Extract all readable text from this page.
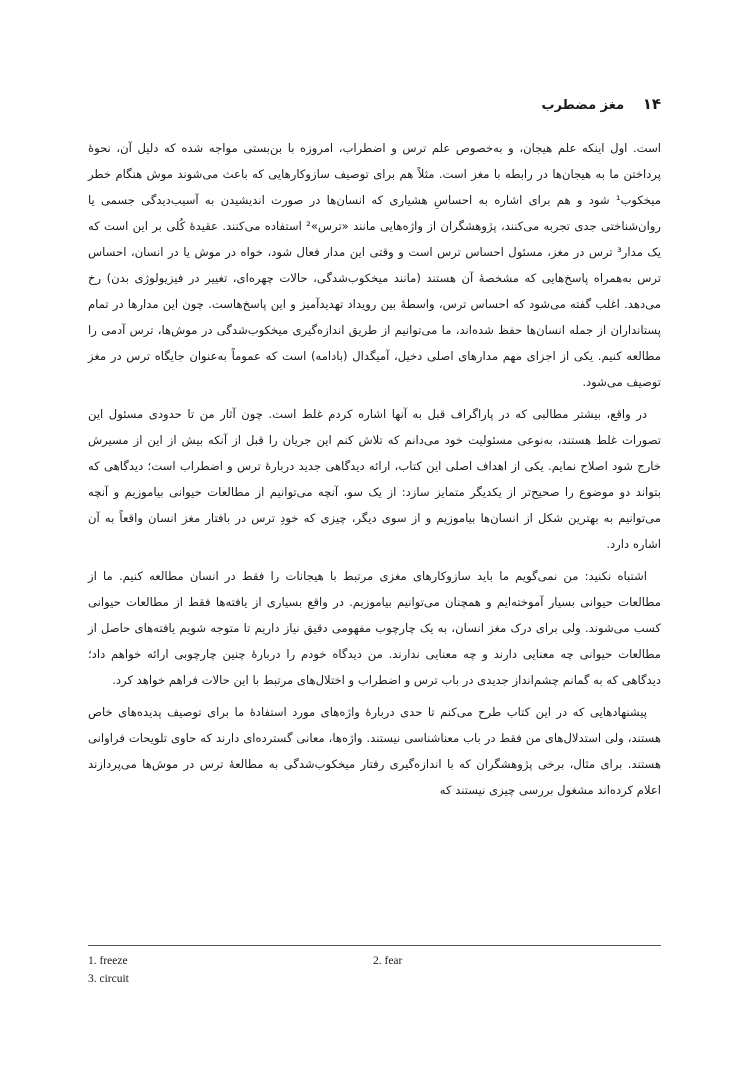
۱۴ مغز مضطرب

است. اول اینکه علم هیجان، و به‌خصوص علم ترس و اضطراب، امروزه با بن‌بستی مواجه شده که دلیل آن، نحوهٔ پرداختن ما به هیجان‌ها در رابطه با مغز است. مثلاً هم برای توصیف سازوکارهایی که باعث می‌شوند موش هنگام خطر میخکوب¹ شود و هم برای اشاره به احساسِ هشیاری که انسان‌ها در صورت اندیشیدن به آسیب‌دیدگی جسمی یا روان‌شناختی جدی تجربه می‌کنند، پژوهشگران از واژه‌هایی مانند «ترس»² استفاده می‌کنند. عقیدهٔ کُلی بر این است که یک مدار³ ترس در مغز، مسئول احساس ترس است و وقتی این مدار فعال شود، خواه در موش یا در انسان، احساس ترس به‌همراه پاسخ‌هایی که مشخصهٔ آن هستند (مانند میخکوب‌شدگی، حالات چهره‌ای، تغییر در فیزیولوژی بدن) رخ می‌دهد. اغلب گفته می‌شود که احساس ترس، واسطهٔ بین رویداد تهدیدآمیز و این پاسخ‌هاست. چون این مدارها در تمام پستانداران از جمله انسان‌ها حفظ شده‌اند، ما می‌توانیم از طریق اندازه‌گیری میخکوب‌شدگی در موش‌ها، ترس آدمی را مطالعه کنیم. یکی از اجزای مهم مدارهای اصلی دخیل، آمیگدال (بادامه) است که عموماً به‌عنوان جایگاه ترس در مغز توصیف می‌شود.

در واقع، بیشتر مطالبی که در پاراگراف قبل به آنها اشاره کردم غلط است. چون آثار من تا حدودی مسئول این تصورات غلط هستند، به‌نوعی مسئولیت خود می‌دانم که تلاش کنم این جریان را قبل از آنکه بیش از این از مسیرش خارج شود اصلاح نمایم. یکی از اهداف اصلی این کتاب، ارائه دیدگاهی جدید دربارهٔ ترس و اضطراب است؛ دیدگاهی که بتواند دو موضوع را صحیح‌تر از یکدیگر متمایز سازد: از یک سو، آنچه می‌توانیم از مطالعات حیوانی بیاموزیم و آنچه می‌توانیم به بهترین شکل از انسان‌ها بیاموزیم و از سوی دیگر، چیزی که خودِ ترس در بافتار مغز انسان واقعاً به آن اشاره دارد.

اشتباه نکنید: من نمی‌گویم ما باید سازوکارهای مغزی مرتبط با هیجانات را فقط در انسان مطالعه کنیم. ما از مطالعات حیوانی بسیار آموخته‌ایم و همچنان می‌توانیم بیاموزیم. در واقع بسیاری از یافته‌ها فقط از مطالعات حیوانی کسب می‌شوند. ولی برای درک مغز انسان، به یک چارچوب مفهومی دقیق نیاز داریم تا متوجه شویم یافته‌های حاصل از مطالعات حیوانی چه معنایی دارند و چه معنایی ندارند. من دیدگاه خودم را دربارهٔ چنین چارچوبی ارائه خواهم داد؛ دیدگاهی که به گمانم چشم‌انداز جدیدی در باب ترس و اضطراب و اختلال‌های مرتبط با این حالات فراهم خواهد کرد.

پیشنهادهایی که در این کتاب طرح می‌کنم تا حدی دربارهٔ واژه‌های مورد استفادهٔ ما برای توصیف پدیده‌های خاص هستند، ولی استدلال‌های من فقط در باب معناشناسی نیستند. واژه‌ها، معانی گسترده‌ای دارند که حاوی تلویحات فراوانی هستند. برای مثال، برخی پژوهشگران که با اندازه‌گیری رفتار میخکوب‌شدگی به مطالعهٔ ترس در موش‌ها می‌پردازند اعلام کرده‌اند مشغول بررسی چیزی نیستند که

1. freeze	2. fear
3. circuit
